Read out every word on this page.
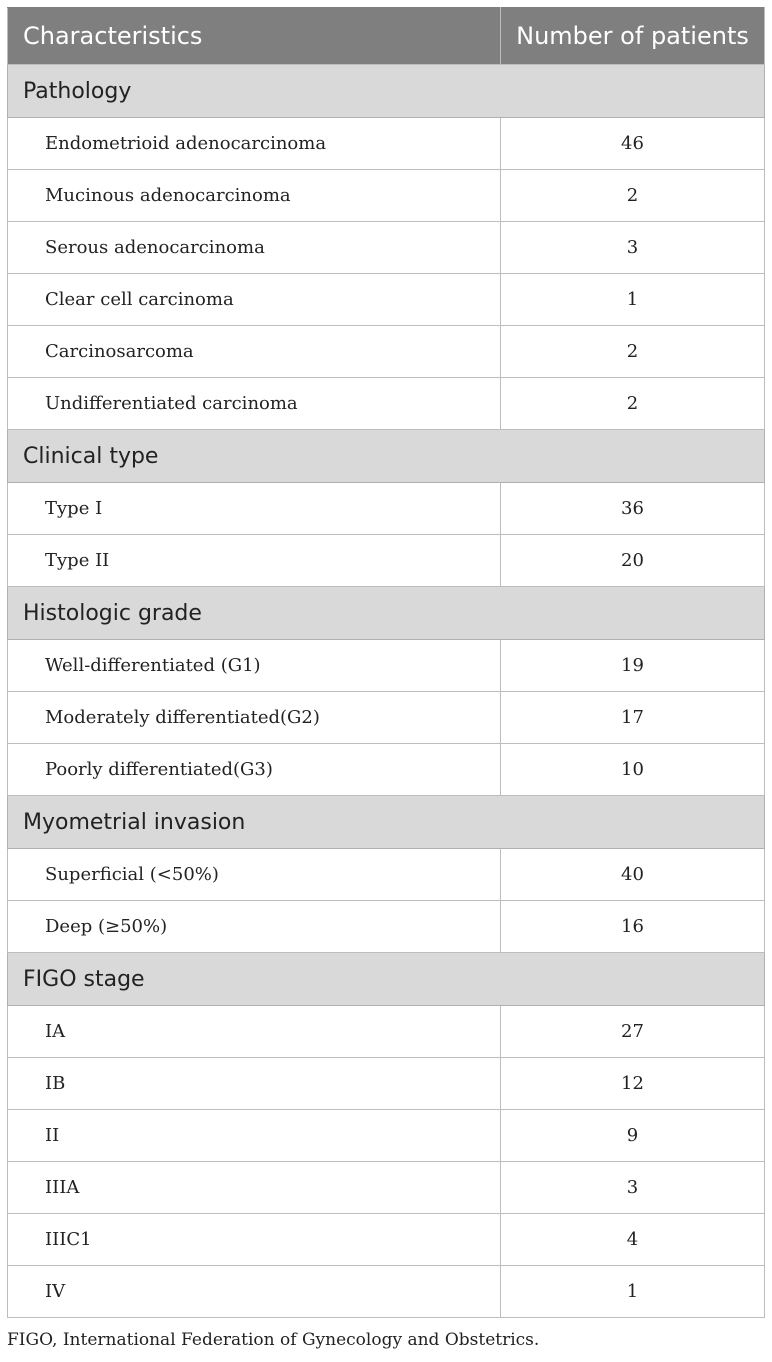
Characteristics	Number of patients
Pathology	
Endometrioid adenocarcinoma	46
Mucinous adenocarcinoma	2
Serous adenocarcinoma	3
Clear cell carcinoma	1
Carcinosarcoma	2
Undifferentiated carcinoma	2
Clinical type	
Type I	36
Type II	20
Histologic grade	
Well-differentiated (G1)	19
Moderately differentiated(G2)	17
Poorly differentiated(G3)	10
Myometrial invasion	
Superficial (<50%)	40
Deep (≥50%)	16
FIGO stage	
IA	27
IB	12
II	9
IIIA	3
IIIC1	4
IV	1
FIGO, International Federation of Gynecology and Obstetrics.
